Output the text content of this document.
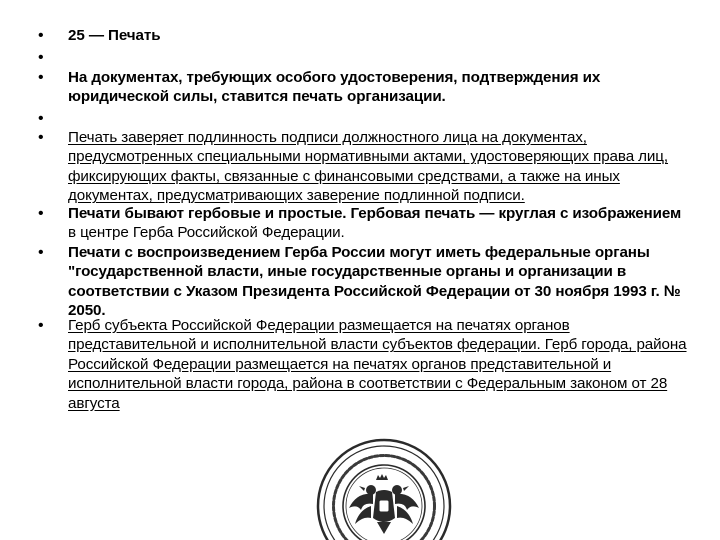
• 25 — Печать
•
• На документах, требующих особого удостоверения, подтверждения их юридической силы, ставится печать организации.
•
• Печать заверяет подлинность подписи должностного лица на документах, предусмотренных специальными нормативными актами, удостоверяющих права лиц, фиксирующих факты, связанные с финансовыми средствами, а также на иных документах, предусматривающих заверение подлинной подписи.
• Печати бывают гербовые и простые. Гербовая печать — круглая с изображением в центре Герба Российской Федерации.
• Печати с воспроизведением Герба России могут иметь федеральные органы "государственной власти, иные государственные органы и организации в соответствии с Указом Президента Российской Федерации от 30 ноября 1993 г. № 2050.
• Герб субъекта Российской Федерации размещается на печатях органов представительной и исполнительной власти субъектов федерации. Герб города, района Российской Федерации размещается на печатях органов представительной и исполнительной власти города, района в соответствии с Федеральным законом от 28 августа
